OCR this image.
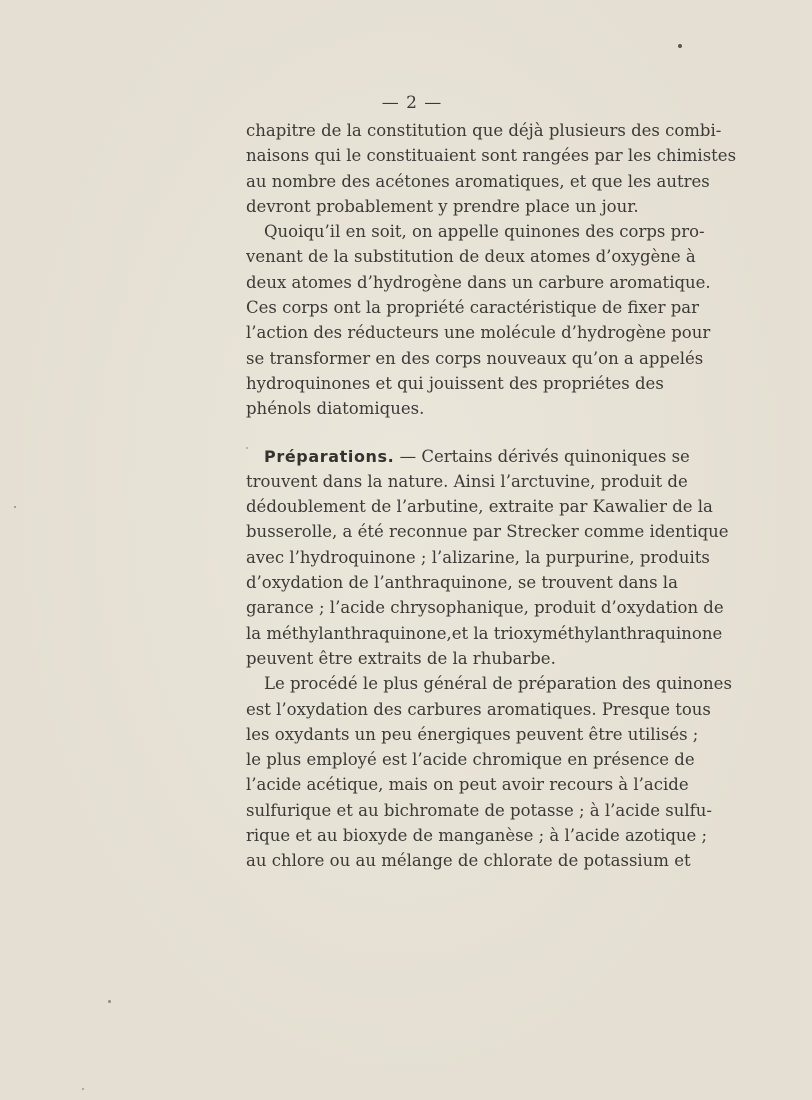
— 2 —
chapitre de la constitution que déjà plusieurs des combi-
naisons qui le constituaient sont rangées par les chimistes
au nombre des acétones aromatiques, et que les autres
devront probablement y prendre place un jour.
Quoiqu’il en soit, on appelle quinones des corps pro-
venant de la substitution de deux atomes d’oxygène à
deux atomes d’hydrogène dans un carbure aromatique.
Ces corps ont la propriété caractéristique de fixer par
l’action des réducteurs une molécule d’hydrogène pour
se transformer en des corps nouveaux qu’on a appelés
hydroquinones et qui jouissent des propriétes des
phénols diatomiques.
Préparations. — Certains dérivés quinoniques se
trouvent dans la nature. Ainsi l’arctuvine, produit de
dédoublement de l’arbutine, extraite par Kawalier de la
busserolle, a été reconnue par Strecker comme identique
avec l’hydroquinone ; l’alizarine, la purpurine, produits
d’oxydation de l’anthraquinone, se trouvent dans la
garance ; l’acide chrysophanique, produit d’oxydation de
la méthylanthraquinone,et la trioxyméthylanthraquinone
peuvent être extraits de la rhubarbe.
Le procédé le plus général de préparation des quinones
est l’oxydation des carbures aromatiques. Presque tous
les oxydants un peu énergiques peuvent être utilisés ;
le plus employé est l’acide chromique en présence de
l’acide acétique, mais on peut avoir recours à l’acide
sulfurique et au bichromate de potasse ; à l’acide sulfu-
rique et au bioxyde de manganèse ; à l’acide azotique ;
au chlore ou au mélange de chlorate de potassium et
